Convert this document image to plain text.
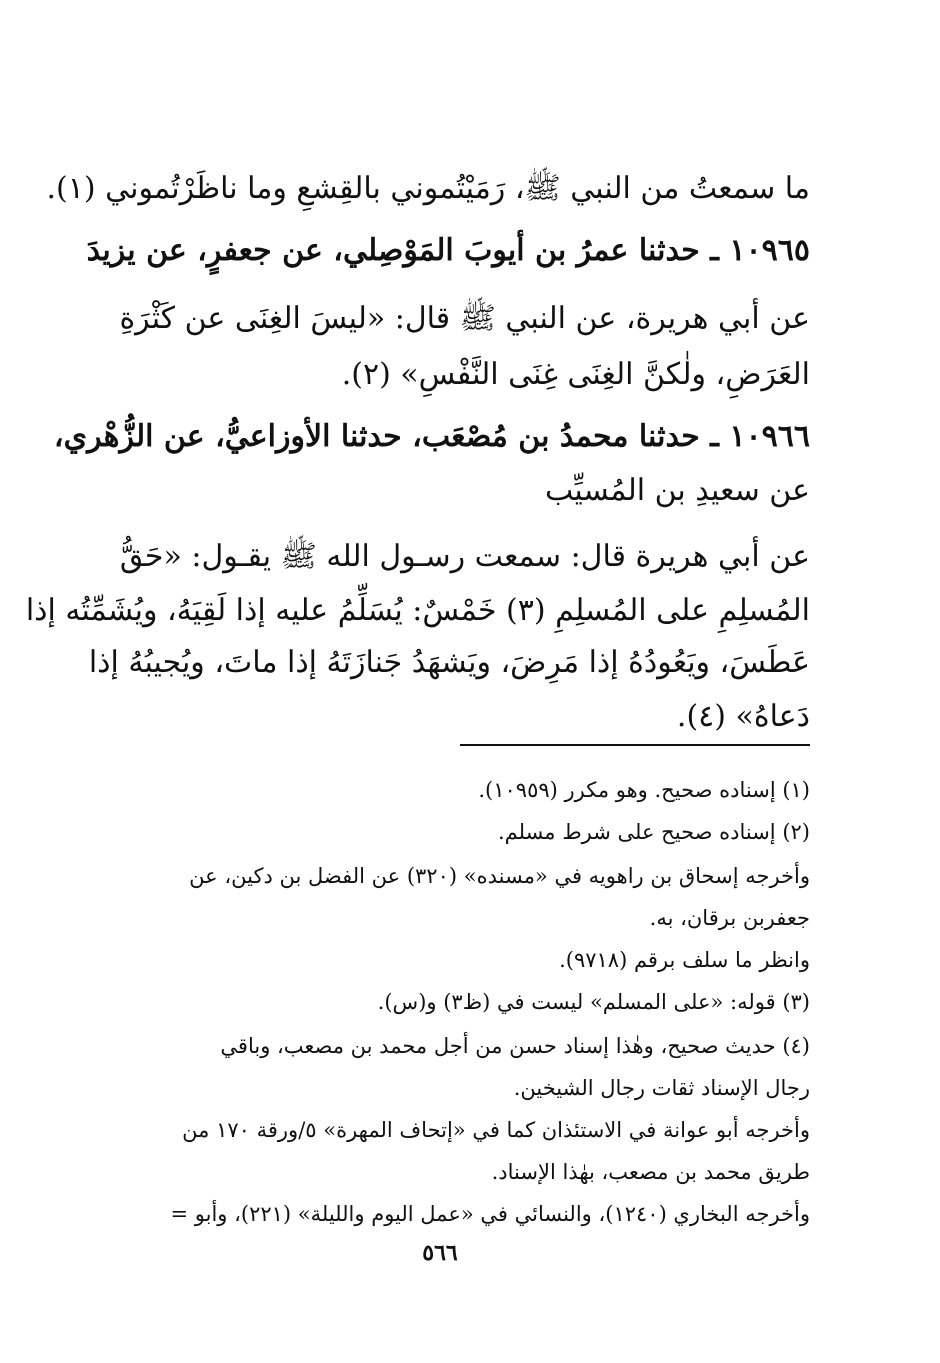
ما سمعتُ من النبي ﷺ، رَمَيْتُموني بالقِشعِ وما ناظَرْتُموني (١).

١٠٩٦٥ ـ حدثنا عمرُ بن أيوبَ المَوْصِلي، عن جعفرٍ، عن يزيدَ

عن أبي هريرة، عن النبي ﷺ قال: «ليسَ الغِنَى عن كَثْرَةِ

العَرَضِ، ولٰكنَّ الغِنَى غِنَى النَّفْسِ» (٢).

١٠٩٦٦ ـ حدثنا محمدُ بن مُصْعَب، حدثنا الأوزاعيُّ، عن الزُّهْري،

عن سعيدِ بن المُسيِّب

عن أبي هريرة قال: سمعت رسـول الله ﷺ يقـول: «حَقُّ

المُسلِمِ على المُسلِمِ (٣) خَمْسٌ: يُسَلِّمُ عليه إذا لَقِيَهُ، ويُشَمِّتُه إذا

عَطَسَ، ويَعُودُهُ إذا مَرِضَ، ويَشهَدُ جَنازَتَهُ إذا ماتَ، ويُجيبُهُ إذا

دَعاهُ» (٤).

(١) إسناده صحيح. وهو مكرر (١٠٩٥٩).

(٢) إسناده صحيح على شرط مسلم.

وأخرجه إسحاق بن راهويه في «مسنده» (٣٢٠) عن الفضل بن دكين، عن

جعفربن برقان، به.

وانظر ما سلف برقم (٩٧١٨).

(٣) قوله: «على المسلم» ليست في (ظ٣) و(س).

(٤) حديث صحيح، وهٰذا إسناد حسن من أجل محمد بن مصعب، وباقي

رجال الإسناد ثقات رجال الشيخين.

وأخرجه أبو عوانة في الاستئذان كما في «إتحاف المهرة» ٥/ورقة ١٧٠ من

طريق محمد بن مصعب، بهٰذا الإسناد.

وأخرجه البخاري (١٢٤٠)، والنسائي في «عمل اليوم والليلة» (٢٢١)، وأبو =

٥٦٦
